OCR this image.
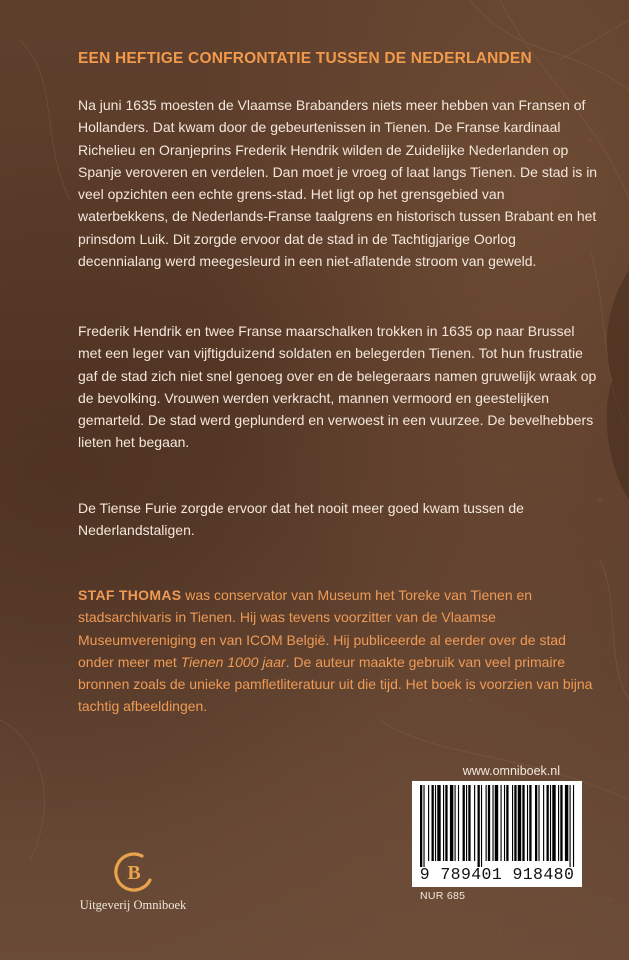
EEN HEFTIGE CONFRONTATIE TUSSEN DE NEDERLANDEN

Na juni 1635 moesten de Vlaamse Brabanders niets meer hebben van Fransen of Hollanders. Dat kwam door de gebeurtenissen in Tienen. De Franse kardinaal Richelieu en Oranjeprins Frederik Hendrik wilden de Zuidelijke Nederlanden op Spanje veroveren en verdelen. Dan moet je vroeg of laat langs Tienen. De stad is in veel opzichten een echte grens-stad. Het ligt op het grensgebied van waterbekkens, de Nederlands-Franse taalgrens en historisch tussen Brabant en het prinsdom Luik. Dit zorgde ervoor dat de stad in de Tachtigjarige Oorlog decennialang werd meegesleurd in een niet-aflatende stroom van geweld.

Frederik Hendrik en twee Franse maarschalken trokken in 1635 op naar Brussel met een leger van vijftigduizend soldaten en belegerden Tienen. Tot hun frustratie gaf de stad zich niet snel genoeg over en de belegeraars namen gruwelijk wraak op de bevolking. Vrouwen werden verkracht, mannen vermoord en geestelijken gemarteld. De stad werd geplunderd en verwoest in een vuurzee. De bevelhebbers lieten het begaan.

De Tiense Furie zorgde ervoor dat het nooit meer goed kwam tussen de Nederlandstaligen.

STAF THOMAS was conservator van Museum het Toreke van Tienen en stadsarchivaris in Tienen. Hij was tevens voorzitter van de Vlaamse Museumvereniging en van ICOM België. Hij publiceerde al eerder over de stad onder meer met Tienen 1000 jaar. De auteur maakte gebruik van veel primaire bronnen zoals de unieke pamfletliteratuur uit die tijd. Het boek is voorzien van bijna tachtig afbeeldingen.

www.omniboek.nl
9 789401 918480
NUR 685
B
Uitgeverij Omniboek
